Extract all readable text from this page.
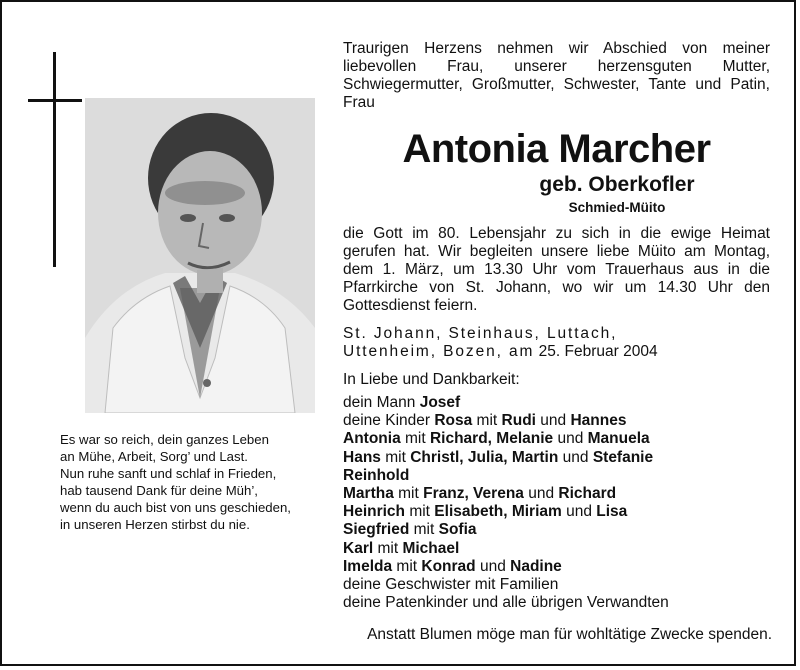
Es war so reich, dein ganzes Leben
an Mühe, Arbeit, Sorg’ und Last.
Nun ruhe sanft und schlaf in Frieden,
hab tausend Dank für deine Müh’,
wenn du auch bist von uns geschieden,
in unseren Herzen stirbst du nie.
Traurigen Herzens nehmen wir Abschied von meiner liebevollen Frau, unserer herzensguten Mutter, Schwiegermutter, Großmutter, Schwester, Tante und Patin, Frau
Antonia Marcher
geb. Oberkofler
Schmied-Müito
die Gott im 80. Lebensjahr zu sich in die ewige Heimat gerufen hat. Wir begleiten unsere liebe Müito am Montag, dem 1. März, um 13.30 Uhr vom Trauerhaus aus in die Pfarrkirche von St. Johann, wo wir um 14.30 Uhr den Gottesdienst feiern.
St. Johann, Steinhaus, Luttach,
Uttenheim, Bozen, am 25. Februar 2004
In Liebe und Dankbarkeit:
dein Mann Josef
deine Kinder Rosa mit Rudi und Hannes
Antonia mit Richard, Melanie und Manuela
Hans mit Christl, Julia, Martin und Stefanie
Reinhold
Martha mit Franz, Verena und Richard
Heinrich mit Elisabeth, Miriam und Lisa
Siegfried mit Sofia
Karl mit Michael
Imelda mit Konrad und Nadine
deine Geschwister mit Familien
deine Patenkinder und alle übrigen Verwandten
Anstatt Blumen möge man für wohltätige Zwecke spenden.
